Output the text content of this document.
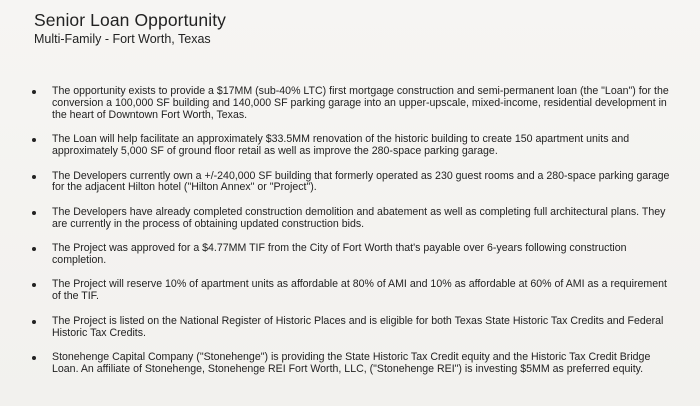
Senior Loan Opportunity
Multi-Family - Fort Worth, Texas
The opportunity exists to provide a $17MM (sub-40% LTC) first mortgage construction and semi-permanent loan (the "Loan") for the conversion a 100,000 SF building and 140,000 SF parking garage into an upper-upscale, mixed-income, residential development in the heart of Downtown Fort Worth, Texas.
The Loan will help facilitate an approximately $33.5MM renovation of the historic building to create 150 apartment units and approximately 5,000 SF of ground floor retail as well as improve the 280-space parking garage.
The Developers currently own a +/-240,000 SF building that formerly operated as 230 guest rooms and a 280-space parking garage for the adjacent Hilton hotel ("Hilton Annex" or "Project").
The Developers have already completed construction demolition and abatement as well as completing full architectural plans. They are currently in the process of obtaining updated construction bids.
The Project was approved for a $4.77MM TIF from the City of Fort Worth that's payable over 6-years following construction completion.
The Project will reserve 10% of apartment units as affordable at 80% of AMI and 10% as affordable at 60% of AMI as a requirement of the TIF.
The Project is listed on the National Register of Historic Places and is eligible for both Texas State Historic Tax Credits and Federal Historic Tax Credits.
Stonehenge Capital Company ("Stonehenge") is providing the State Historic Tax Credit equity and the Historic Tax Credit Bridge Loan. An affiliate of Stonehenge, Stonehenge REI Fort Worth, LLC, ("Stonehenge REI") is investing $5MM as preferred equity.
